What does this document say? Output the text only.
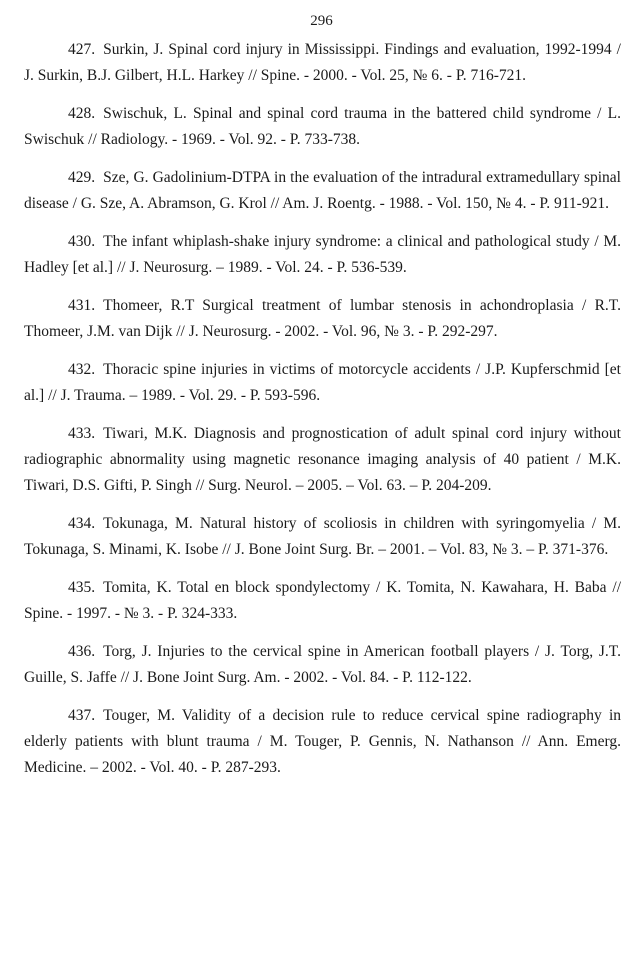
296

427. Surkin, J. Spinal cord injury in Mississippi. Findings and evaluation, 1992-1994 / J. Surkin, B.J. Gilbert, H.L. Harkey // Spine. - 2000. - Vol. 25, № 6. - P. 716-721.

428. Swischuk, L. Spinal and spinal cord trauma in the battered child syndrome / L. Swischuk // Radiology. - 1969. - Vol. 92. - P. 733-738.

429. Sze, G. Gadolinium-DTPA in the evaluation of the intradural extramedullary spinal disease / G. Sze, A. Abramson, G. Krol // Am. J. Roentg. - 1988. - Vol. 150, № 4. - P. 911-921.

430. The infant whiplash-shake injury syndrome: a clinical and pathological study / M. Hadley [et al.] // J. Neurosurg. – 1989. - Vol. 24. - P. 536-539.

431. Thomeer, R.T Surgical treatment of lumbar stenosis in achondroplasia / R.T. Thomeer, J.M. van Dijk // J. Neurosurg. - 2002. - Vol. 96, № 3. - P. 292-297.

432. Thoracic spine injuries in victims of motorcycle accidents / J.P. Kupferschmid [et al.] // J. Trauma. – 1989. - Vol. 29. - P. 593-596.

433. Tiwari, M.K. Diagnosis and prognostication of adult spinal cord injury without radiographic abnormality using magnetic resonance imaging analysis of 40 patient / M.K. Tiwari, D.S. Gifti, P. Singh // Surg. Neurol. – 2005. – Vol. 63. – P. 204-209.

434. Tokunaga, M. Natural history of scoliosis in children with syringomyelia / M. Tokunaga, S. Minami, K. Isobe // J. Bone Joint Surg. Br. – 2001. – Vol. 83, № 3. – P. 371-376.

435. Tomita, K. Total en block spondylectomy / K. Tomita, N. Kawahara, H. Baba // Spine. - 1997. - № 3. - P. 324-333.

436. Torg, J. Injuries to the cervical spine in American football players / J. Torg, J.T. Guille, S. Jaffe // J. Bone Joint Surg. Am. - 2002. - Vol. 84. - P. 112-122.

437. Touger, M. Validity of a decision rule to reduce cervical spine radiography in elderly patients with blunt trauma / M. Touger, P. Gennis, N. Nathanson // Ann. Emerg. Medicine. – 2002. - Vol. 40. - P. 287-293.
